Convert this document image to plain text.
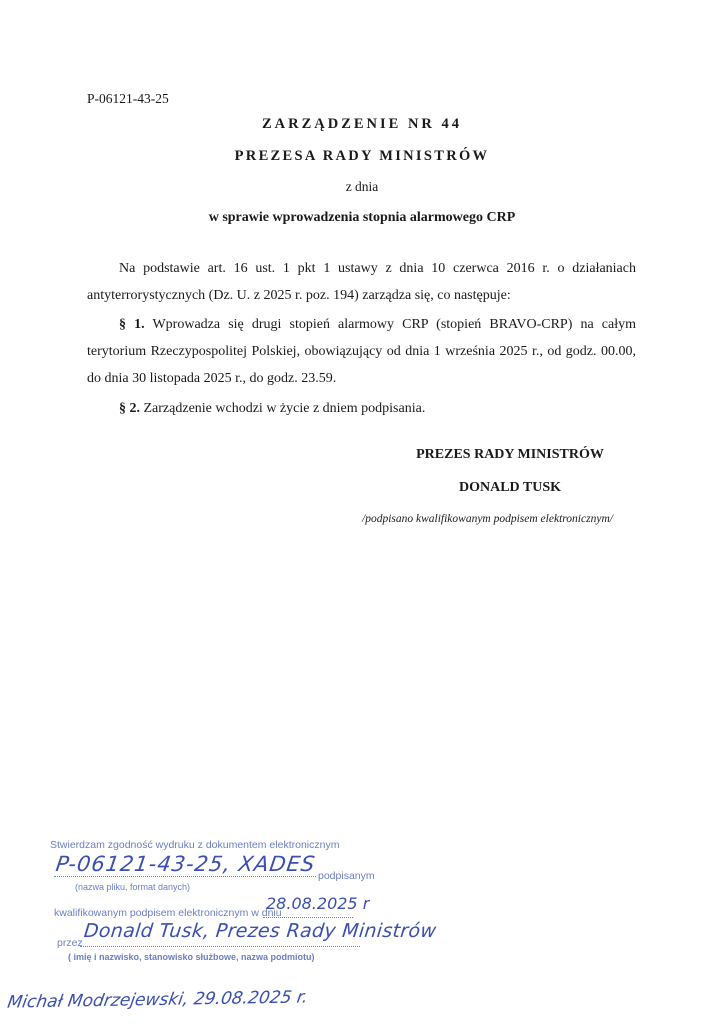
P-06121-43-25
ZARZĄDZENIE NR 44
PREZESA RADY MINISTRÓW
z dnia
w sprawie wprowadzenia stopnia alarmowego CRP
Na podstawie art. 16 ust. 1 pkt 1 ustawy z dnia 10 czerwca 2016 r. o działaniach antyterrorystycznych (Dz. U. z 2025 r. poz. 194) zarządza się, co następuje:
§ 1. Wprowadza się drugi stopień alarmowy CRP (stopień BRAVO-CRP) na całym terytorium Rzeczypospolitej Polskiej, obowiązujący od dnia 1 września 2025 r., od godz. 00.00, do dnia 30 listopada 2025 r., do godz. 23.59.
§ 2. Zarządzenie wchodzi w życie z dniem podpisania.
PREZES RADY MINISTRÓW
DONALD TUSK
/podpisano kwalifikowanym podpisem elektronicznym/
Stwierdzam zgodność wydruku z dokumentem elektronicznym
P-06121-43-25, XADES podpisanym
(nazwa pliku, format danych)
kwalifikowanym podpisem elektronicznym w dniu
28.08.2025 r
przez
Donald Tusk, Prezes Rady Ministrów
( imię i nazwisko, stanowisko służbowe, nazwa podmiotu)
Michał Modrzejewski, 29.08.2025 r.
